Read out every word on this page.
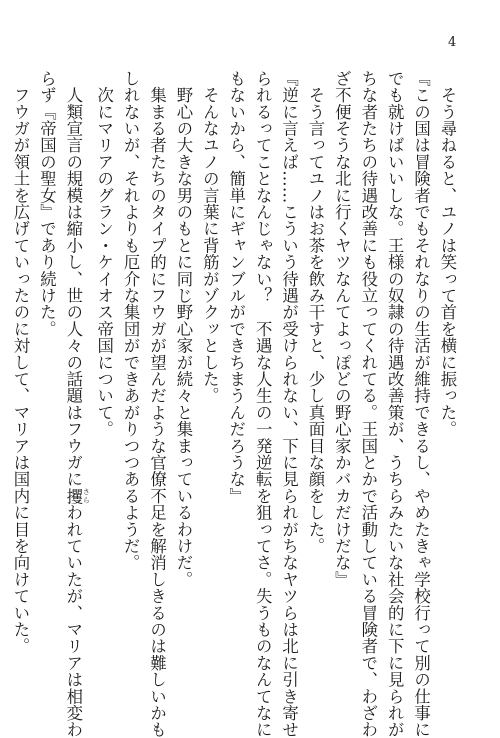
4
　そう尋ねると、ユノは笑って首を横に振った。
『この国は冒険者でもそれなりの生活が維持できるし、やめたきゃ学校行って別の仕事に
でも就けばいいしな。王様の奴隷の待遇改善策が、うちらみたいな社会的に下に見られが
ちな者たちの待遇改善にも役立ってくれてる。王国とかで活動している冒険者で、わざわ
ざ不便そうな北に行くヤツなんてよっぽどの野心家かバカだけだな』
　そう言ってユノはお茶を飲み干すと、少し真面目な顔をした。
『逆に言えば……こういう待遇が受けられない、下に見られがちなヤツらは北に引き寄せ
られるってことなんじゃない？　不遇な人生の一発逆転を狙ってさ。失うものなんてなに
もないから、簡単にギャンブルができちまうんだろうな』
　そんなユノの言葉に背筋がゾクッとした。
　野心の大きな男のもとに同じ野心家が続々と集まっているわけだ。
　集まる者たちのタイプ的にフウガが望んだような官僚不足を解消しきるのは難しいかも
しれないが、それよりも厄介な集団ができあがりつつあるようだ。
　次にマリアのグラン・ケイオス帝国について。
　人類宣言の規模は縮小し、世の人々の話題はフウガに攫 さらわれていたが、マリアは相変わ
らず『帝国の聖女』であり続けた。
　フウガが領土を広げていったのに対して、マリアは国内に目を向けていた。
